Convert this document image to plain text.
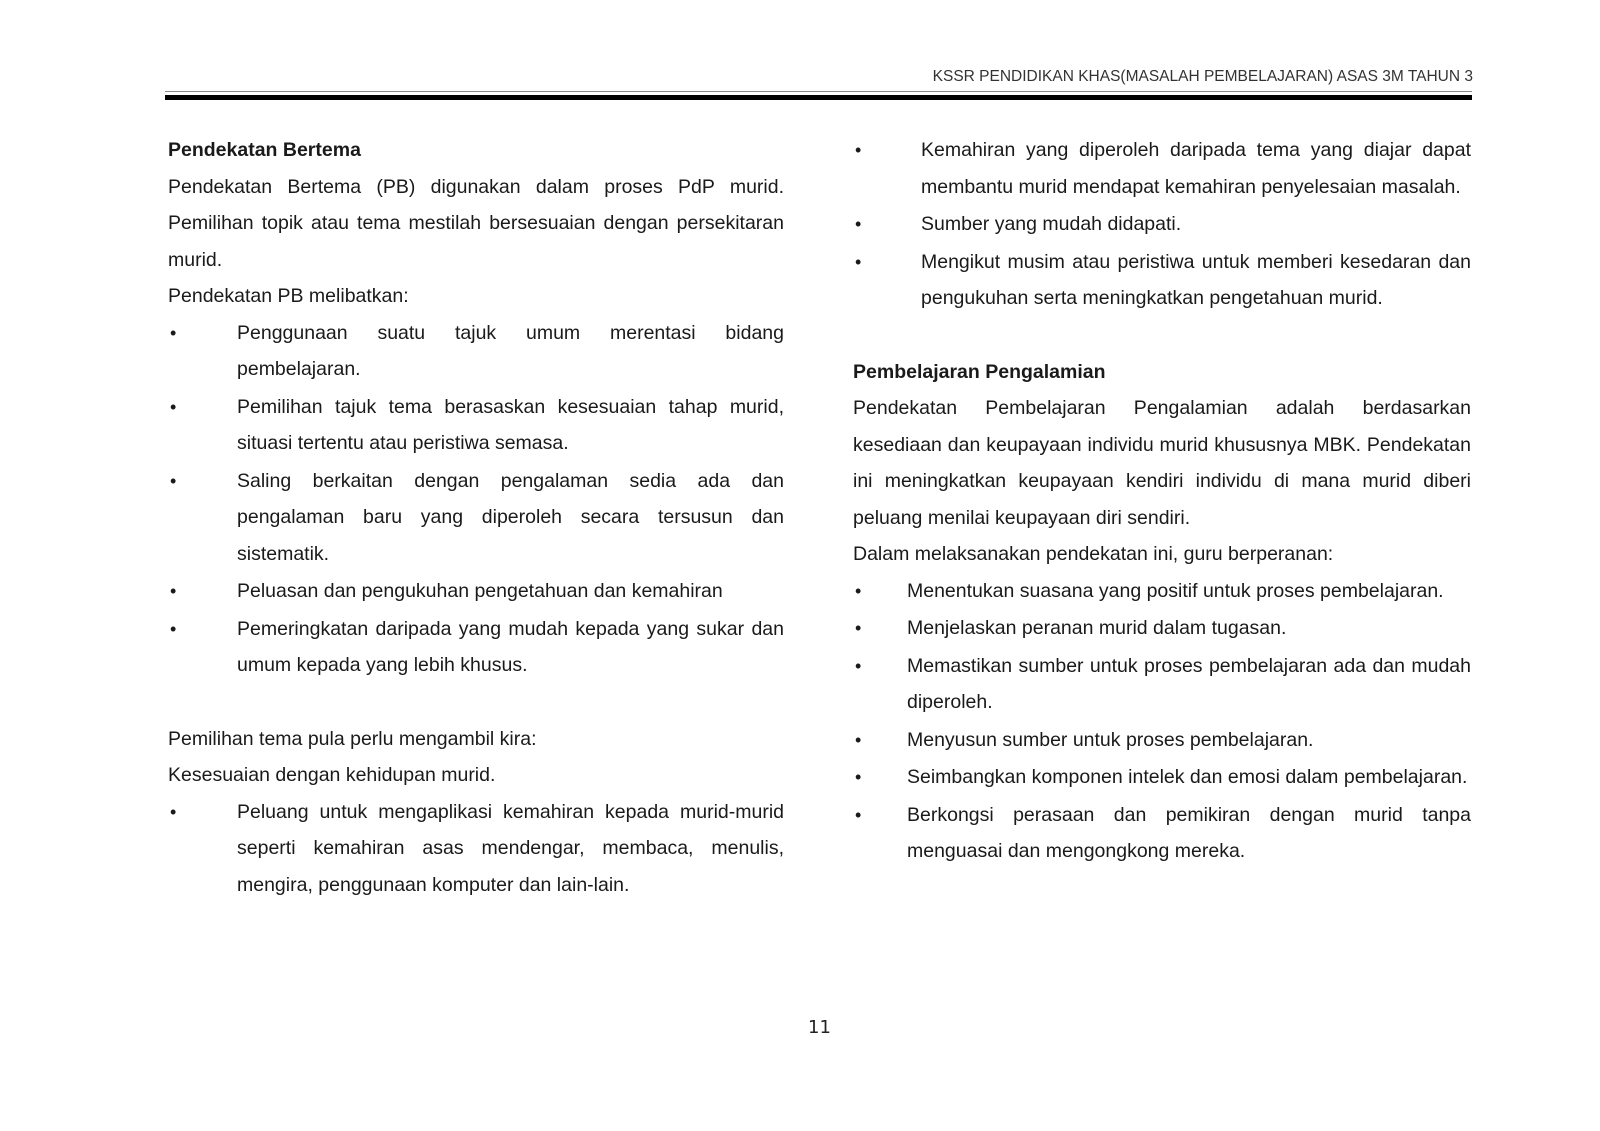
KSSR PENDIDIKAN KHAS(MASALAH PEMBELAJARAN) ASAS 3M TAHUN 3
Pendekatan Bertema

Pendekatan Bertema (PB) digunakan dalam proses PdP murid. Pemilihan topik atau tema mestilah bersesuaian dengan persekitaran murid.

Pendekatan PB melibatkan:
•	Penggunaan suatu tajuk umum merentasi bidang pembelajaran.
•	Pemilihan tajuk tema berasaskan kesesuaian tahap murid, situasi tertentu atau peristiwa semasa.
•	Saling berkaitan dengan pengalaman sedia ada dan pengalaman baru yang diperoleh secara tersusun dan sistematik.
•	Peluasan dan pengukuhan pengetahuan dan kemahiran
•	Pemeringkatan daripada yang mudah kepada yang sukar dan umum kepada yang lebih khusus.
Pemilihan tema pula perlu mengambil kira:
Kesesuaian dengan kehidupan murid.
•	Peluang untuk mengaplikasi kemahiran kepada murid-murid seperti kemahiran asas mendengar, membaca, menulis, mengira, penggunaan komputer dan lain-lain.
•	Kemahiran yang diperoleh daripada tema yang diajar dapat membantu murid mendapat kemahiran penyelesaian masalah.
•	Sumber yang mudah didapati.
•	Mengikut musim atau peristiwa untuk memberi kesedaran dan pengukuhan serta meningkatkan pengetahuan murid.
Pembelajaran Pengalamian

Pendekatan Pembelajaran Pengalamian adalah berdasarkan kesediaan dan keupayaan individu murid khususnya MBK. Pendekatan ini meningkatkan keupayaan kendiri individu di mana murid diberi peluang menilai keupayaan diri sendiri.

Dalam melaksanakan pendekatan ini, guru berperanan:
• Menentukan suasana yang positif untuk proses pembelajaran.
• Menjelaskan peranan murid dalam tugasan.
• Memastikan sumber untuk proses pembelajaran ada dan mudah diperoleh.
• Menyusun sumber untuk proses pembelajaran.
• Seimbangkan komponen intelek dan emosi dalam pembelajaran.
• Berkongsi perasaan dan pemikiran dengan murid tanpa menguasai dan mengongkong mereka.
11
